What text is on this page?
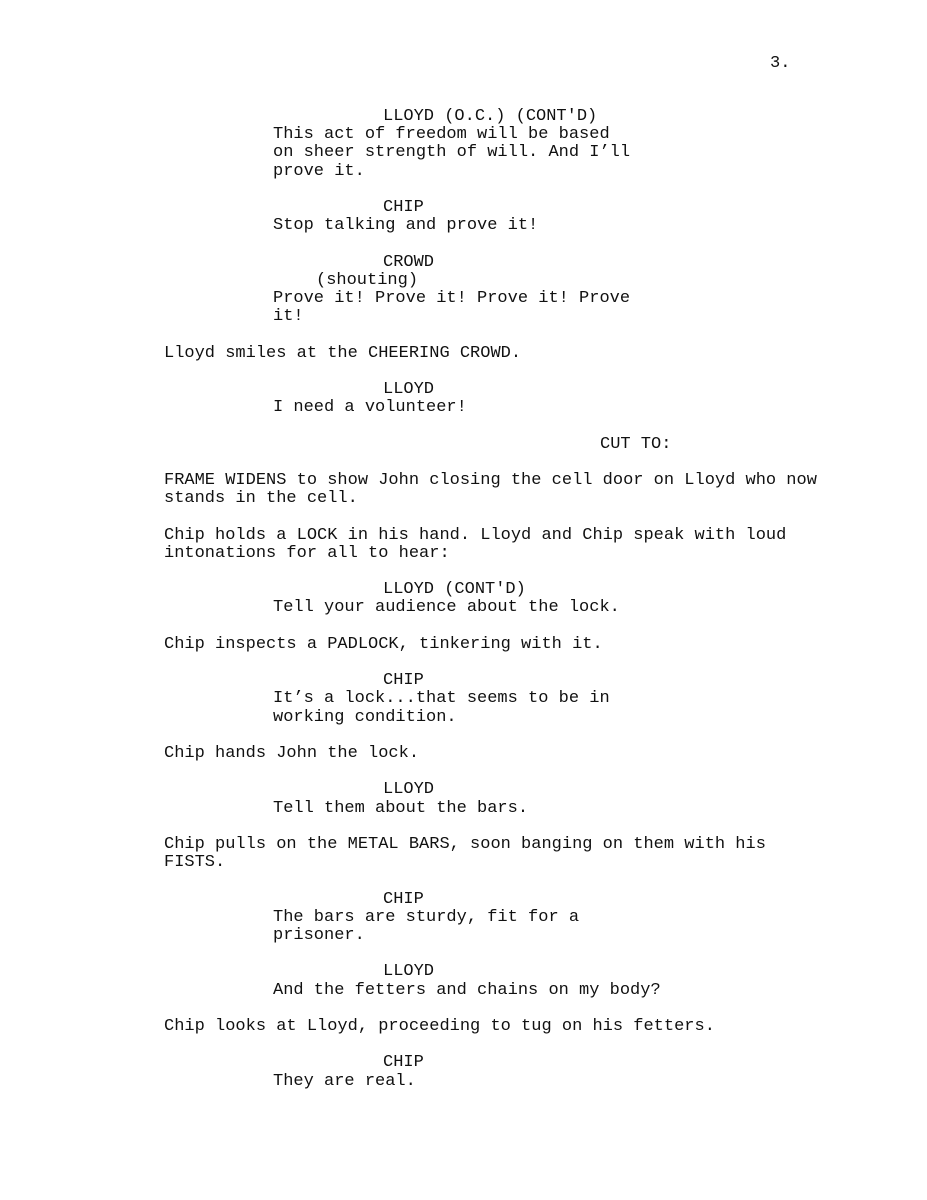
3.
LLOYD (O.C.) (CONT'D)
This act of freedom will be based
on sheer strength of will. And I’ll
prove it.
CHIP
Stop talking and prove it!
CROWD
(shouting)
Prove it! Prove it! Prove it! Prove
it!
Lloyd smiles at the CHEERING CROWD.
LLOYD
I need a volunteer!
CUT TO:
FRAME WIDENS to show John closing the cell door on Lloyd who now
stands in the cell.
Chip holds a LOCK in his hand. Lloyd and Chip speak with loud
intonations for all to hear:
LLOYD (CONT'D)
Tell your audience about the lock.
Chip inspects a PADLOCK, tinkering with it.
CHIP
It’s a lock...that seems to be in
working condition.
Chip hands John the lock.
LLOYD
Tell them about the bars.
Chip pulls on the METAL BARS, soon banging on them with his
FISTS.
CHIP
The bars are sturdy, fit for a
prisoner.
LLOYD
And the fetters and chains on my body?
Chip looks at Lloyd, proceeding to tug on his fetters.
CHIP
They are real.
